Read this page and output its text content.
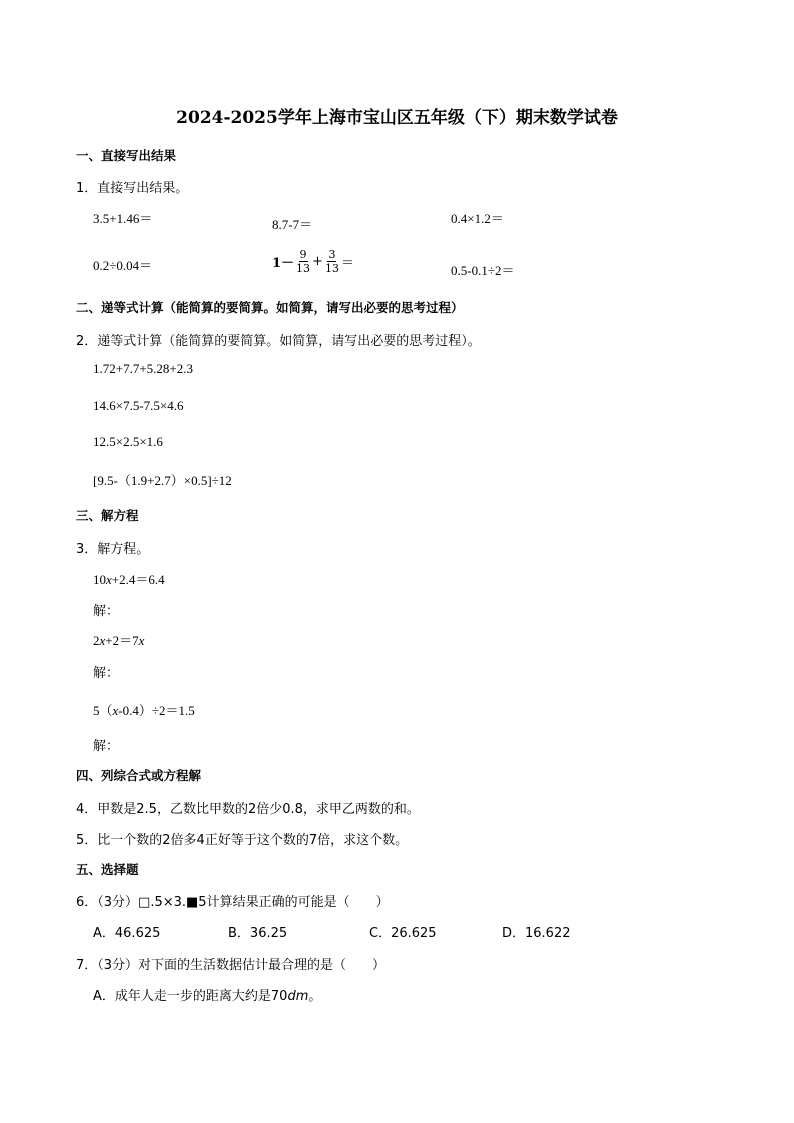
2024-2025学年上海市宝山区五年级（下）期末数学试卷
一、直接写出结果
1．直接写出结果。
3.5+1.46＝	8.7-7＝	0.4×1.2＝
0.2÷0.04＝	$1- \frac{9}{13} + \frac{3}{13}$ ＝	0.5-0.1÷2＝
二、递等式计算（能简算的要简算。如简算，请写出必要的思考过程）
2．递等式计算（能简算的要简算。如简算，请写出必要的思考过程）。
1.72+7.7+5.28+2.3
14.6×7.5-7.5×4.6
12.5×2.5×1.6
[9.5-（1.9+2.7）×0.5]÷12
三、解方程
3．解方程。
10x+2.4＝6.4
解：
2x+2＝7x
解：
5（x-0.4）÷2＝1.5
解：
四、列综合式或方程解
4．甲数是2.5，乙数比甲数的2倍少0.8，求甲乙两数的和。
5．比一个数的2倍多4正好等于这个数的7倍，求这个数。
五、选择题
6．（3分）□.5×3.■5计算结果正确的可能是（　　）
A．46.625	B．36.25	C．26.625	D．16.622
7．（3分）对下面的生活数据估计最合理的是（　　）
A．成年人走一步的距离大约是70dm。
